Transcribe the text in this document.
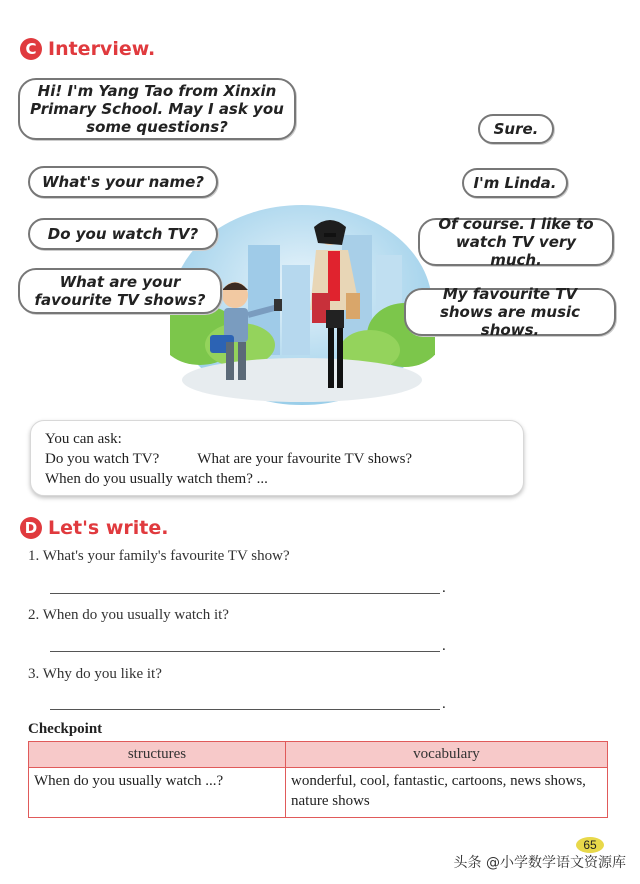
C Interview.
Hi! I'm Yang Tao from Xinxin Primary School. May I ask you some questions?
What's your name?
Do you watch TV?
What are your favourite TV shows?
Sure.
I'm Linda.
Of course. I like to watch TV very much.
My favourite TV shows are music shows.
You can ask:
Do you watch TV?	What are your favourite TV shows?
When do you usually watch them? ...
D Let's write.
1. What's your family's favourite TV show?
.
2. When do you usually watch it?
.
3. Why do you like it?
.
Checkpoint
structures	vocabulary
When do you usually watch ...?	wonderful, cool, fantastic, cartoons, news shows, nature shows
65
头条 @小学数学语文资源库
